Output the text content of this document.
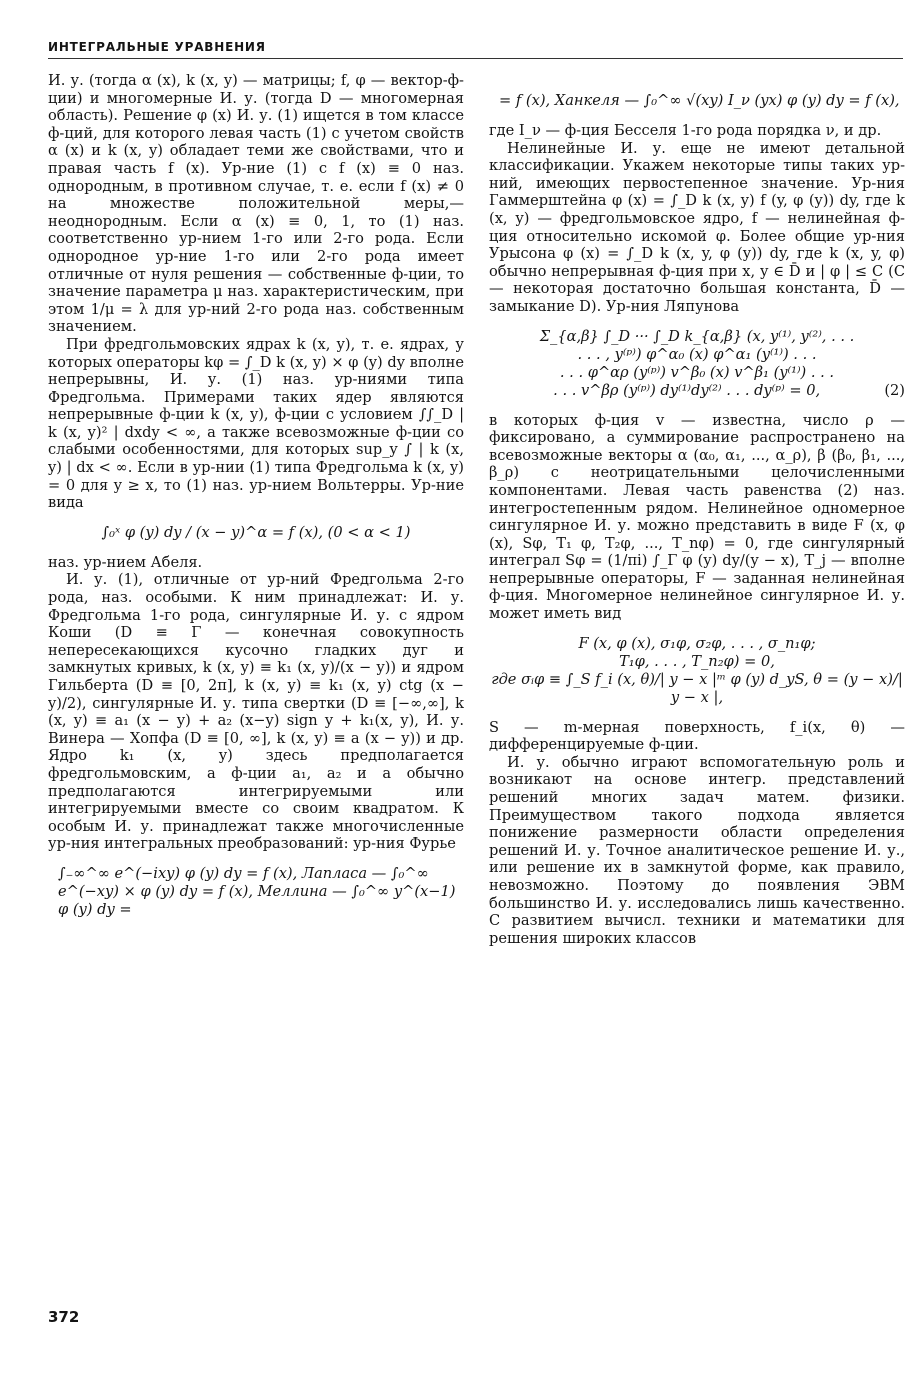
ИНТЕГРАЛЬНЫЕ УРАВНЕНИЯ

И. у. (тогда α (x), k (x, y) — матрицы; f, φ — вектор-ф-ции) и многомерные И. у. (тогда D — многомерная область). Решение φ (x) И. у. (1) ищется в том классе ф-ций, для которого левая часть (1) с учетом свойств α (x) и k (x, y) обладает теми же свойствами, что и правая часть f (x). Ур-ние (1) с f (x) ≡ 0 наз. однородным, в противном случае, т. е. если f (x) ≠ 0 на множестве положительной меры,— неоднородным. Если α (x) ≡ 0, 1, то (1) наз. соответственно ур-нием 1-го или 2-го рода. Если однородное ур-ние 1-го или 2-го рода имеет отличные от нуля решения — собственные ф-ции, то значение параметра μ наз. характеристическим, при этом 1/μ = λ для ур-ний 2-го рода наз. собственным значением.

При фредгольмовских ядрах k (x, y), т. е. ядрах, у которых операторы kφ = ∫_D k (x, y) × φ (y) dy вполне непрерывны, И. у. (1) наз. ур-ниями типа Фредгольма. Примерами таких ядер являются непрерывные ф-ции k (x, y), ф-ции с условием ∫∫_D | k (x, y)² | dxdy < ∞, а также всевозможные ф-ции со слабыми особенностями, для которых sup_y ∫ | k (x, y) | dx < ∞. Если в ур-нии (1) типа Фредгольма k (x, y) = 0 для y ≥ x, то (1) наз. ур-нием Вольтерры. Ур-ние вида

∫₀ˣ φ (y) dy / (x − y)^α = f (x), (0 < α < 1)

наз. ур-нием Абеля.

И. у. (1), отличные от ур-ний Фредгольма 2-го рода, наз. особыми. К ним принадлежат: И. у. Фредгольма 1-го рода, сингулярные И. у. с ядром Коши (D ≡ Γ — конечная совокупность непересекающихся кусочно гладких дуг и замкнутых кривых, k (x, y) ≡ k₁ (x, y)/(x − y)) и ядром Гильберта (D ≡ [0, 2π], k (x, y) ≡ k₁ (x, y) ctg (x − y)/2), сингулярные И. у. типа свертки (D ≡ [−∞,∞], k (x, y) ≡ a₁ (x − y) + a₂ (x−y) sign y + k₁(x, y), И. у. Винера — Хопфа (D ≡ [0, ∞], k (x, y) ≡ a (x − y)) и др. Ядро k₁ (x, y) здесь предполагается фредгольмовским, а ф-ции a₁, a₂ и a обычно предполагаются интегрируемыми или интегрируемыми вместе со своим квадратом. К особым И. у. принадлежат также многочисленные ур-ния интегральных преобразований: ур-ния Фурье

∫₋∞^∞ e^(−ixy) φ (y) dy = f (x), Лапласа — ∫₀^∞ e^(−xy) × φ (y) dy = f (x), Меллина — ∫₀^∞ y^(x−1) φ (y) dy =
= f (x), Ханкеля — ∫₀^∞ √(xy) I_ν (yx) φ (y) dy = f (x),

где I_ν — ф-ция Бесселя 1-го рода порядка ν, и др.

Нелинейные И. у. еще не имеют детальной классификации. Укажем некоторые типы таких ур-ний, имеющих первостепенное значение. Ур-ния Гаммерштейна φ (x) = ∫_D k (x, y) f (y, φ (y)) dy, где k (x, y) — фредгольмовское ядро, f — нелинейная ф-ция относительно искомой φ. Более общие ур-ния Урысона φ (x) = ∫_D k (x, y, φ (y)) dy, где k (x, y, φ) обычно непрерывная ф-ция при x, y ∈ D̄ и | φ | ≤ C (C — некоторая достаточно большая константа, D̄ — замыкание D). Ур-ния Ляпунова

Σ_{α,β} ∫_D ··· ∫_D k_{α,β} (x, y⁽¹⁾, y⁽²⁾, . . .
. . . , y⁽ᵖ⁾) φ^α₀ (x) φ^α₁ (y⁽¹⁾) . . .
. . . φ^αρ (y⁽ᵖ⁾) v^β₀ (x) v^β₁ (y⁽¹⁾) . . .
. . . v^βρ (y⁽ᵖ⁾) dy⁽¹⁾dy⁽²⁾ . . . dy⁽ᵖ⁾ = 0,	(2)

в которых ф-ция v — известна, число ρ — фиксировано, а суммирование распространено на всевозможные векторы α (α₀, α₁, ..., α_ρ), β (β₀, β₁, ..., β_ρ) с неотрицательными целочисленными компонентами. Левая часть равенства (2) наз. интегростепенным рядом. Нелинейное одномерное сингулярное И. у. можно представить в виде F (x, φ (x), Sφ, T₁ φ, T₂φ, ..., T_nφ) = 0, где сингулярный интеграл Sφ = (1/πi) ∫_Γ φ (y) dy/(y − x), T_j — вполне непрерывные операторы, F — заданная нелинейная ф-ция. Многомерное нелинейное сингулярное И. у. может иметь вид

F (x, φ (x), σ₁φ, σ₂φ, . . . , σ_n₁φ;
T₁φ, . . . , T_n₂φ) = 0,
где σᵢφ ≡ ∫_S f_i (x, θ)/| y − x |ᵐ φ (y) d_yS, θ = (y − x)/| y − x |,

S — m-мерная поверхность, f_i(x, θ) — дифференцируемые ф-ции.

И. у. обычно играют вспомогательную роль и возникают на основе интегр. представлений решений многих задач матем. физики. Преимуществом такого подхода является понижение размерности области определения решений И. у. Точное аналитическое решение И. у., или решение их в замкнутой форме, как правило, невозможно. Поэтому до появления ЭВМ большинство И. у. исследовались лишь качественно. С развитием вычисл. техники и математики для решения широких классов

372
